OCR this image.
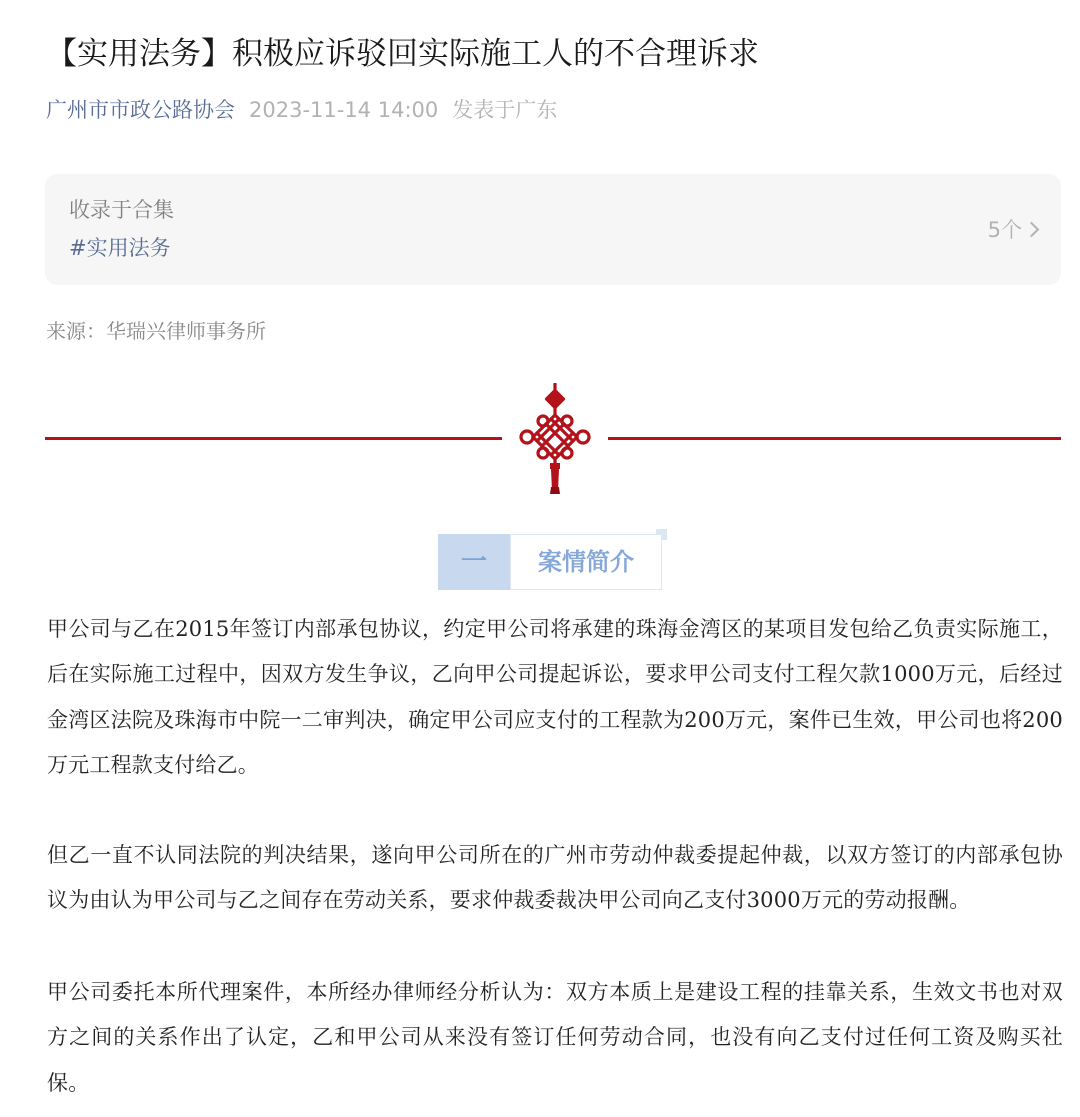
【实用法务】积极应诉驳回实际施工人的不合理诉求
广州市市政公路协会 2023-11-14 14:00 发表于广东
收录于合集
#实用法务
5个
来源：华瑞兴律师事务所
一	案情简介

甲公司与乙在2015年签订内部承包协议，约定甲公司将承建的珠海金湾区的某项目发包给乙负责实际施工，后在实际施工过程中，因双方发生争议，乙向甲公司提起诉讼，要求甲公司支付工程欠款1000万元，后经过金湾区法院及珠海市中院一二审判决，确定甲公司应支付的工程款为200万元，案件已生效，甲公司也将200万元工程款支付给乙。

但乙一直不认同法院的判决结果，遂向甲公司所在的广州市劳动仲裁委提起仲裁，以双方签订的内部承包协议为由认为甲公司与乙之间存在劳动关系，要求仲裁委裁决甲公司向乙支付3000万元的劳动报酬。

甲公司委托本所代理案件，本所经办律师经分析认为：双方本质上是建设工程的挂靠关系，生效文书也对双方之间的关系作出了认定，乙和甲公司从来没有签订任何劳动合同，也没有向乙支付过任何工资及购买社保。
